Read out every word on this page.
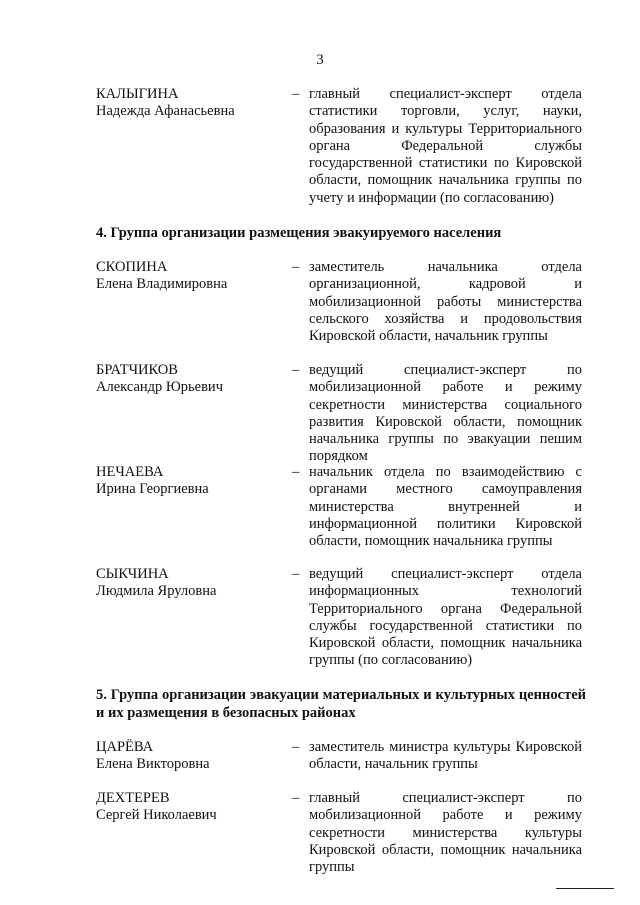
3
КАЛЫГИНА
Надежда Афанасьевна
– главный специалист-эксперт отдела статистики торговли, услуг, науки, образования и культуры Территориального органа Федеральной службы государственной статистики по Кировской области, помощник начальника группы по учету и информации (по согласованию)
4. Группа организации размещения эвакуируемого населения
СКОПИНА
Елена Владимировна
– заместитель начальника отдела организационной, кадровой и мобилизационной работы министерства сельского хозяйства и продовольствия Кировской области, начальник группы
БРАТЧИКОВ
Александр Юрьевич
– ведущий специалист-эксперт по мобилизационной работе и режиму секретности министерства социального развития Кировской области, помощник начальника группы по эвакуации пешим порядком
НЕЧАЕВА
Ирина Георгиевна
– начальник отдела по взаимодействию с органами местного самоуправления министерства внутренней и информационной политики Кировской области, помощник начальника группы
СЫКЧИНА
Людмила Яруловна
– ведущий специалист-эксперт отдела информационных технологий Территориального органа Федеральной службы государственной статистики по Кировской области, помощник начальника группы (по согласованию)
5. Группа организации эвакуации материальных и культурных ценностей и их размещения в безопасных районах
ЦАРЁВА
Елена Викторовна
– заместитель министра культуры Кировской области, начальник группы
ДЕХТЕРЕВ
Сергей Николаевич
– главный специалист-эксперт по мобилизационной работе и режиму секретности министерства культуры Кировской области, помощник начальника группы
